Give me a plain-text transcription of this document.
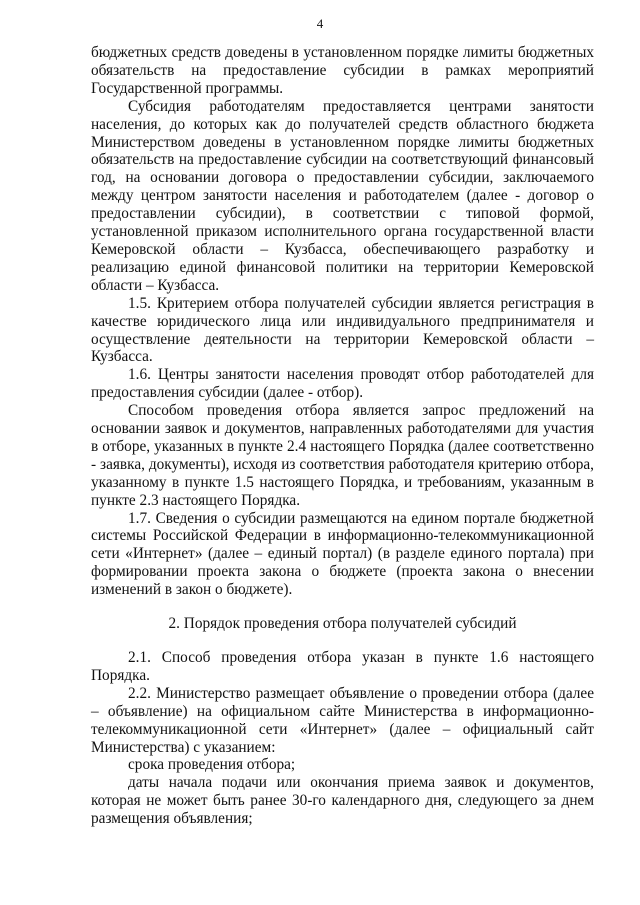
4

бюджетных средств доведены в установленном порядке лимиты бюджетных обязательств на предоставление субсидии в рамках мероприятий Государственной программы.

Субсидия работодателям предоставляется центрами занятости населения, до которых как до получателей средств областного бюджета Министерством доведены в установленном порядке лимиты бюджетных обязательств на предоставление субсидии на соответствующий финансовый год, на основании договора о предоставлении субсидии, заключаемого между центром занятости населения и работодателем (далее - договор о предоставлении субсидии), в соответствии с типовой формой, установленной приказом исполнительного органа государственной власти Кемеровской области – Кузбасса, обеспечивающего разработку и реализацию единой финансовой политики на территории Кемеровской области – Кузбасса.

1.5. Критерием отбора получателей субсидии является регистрация в качестве юридического лица или индивидуального предпринимателя и осуществление деятельности на территории Кемеровской области – Кузбасса.

1.6. Центры занятости населения проводят отбор работодателей для предоставления субсидии (далее - отбор).

Способом проведения отбора является запрос предложений на основании заявок и документов, направленных работодателями для участия в отборе, указанных в пункте 2.4 настоящего Порядка (далее соответственно - заявка, документы), исходя из соответствия работодателя критерию отбора, указанному в пункте 1.5 настоящего Порядка, и требованиям, указанным в пункте 2.3 настоящего Порядка.

1.7. Сведения о субсидии размещаются на едином портале бюджетной системы Российской Федерации в информационно-телекоммуникационной сети «Интернет» (далее – единый портал) (в разделе единого портала) при формировании проекта закона о бюджете (проекта закона о внесении изменений в закон о бюджете).

2. Порядок проведения отбора получателей субсидий

2.1. Способ проведения отбора указан в пункте 1.6 настоящего Порядка.

2.2. Министерство размещает объявление о проведении отбора (далее – объявление) на официальном сайте Министерства в информационно-телекоммуникационной сети «Интернет» (далее – официальный сайт Министерства) с указанием:

срока проведения отбора;

даты начала подачи или окончания приема заявок и документов, которая не может быть ранее 30-го календарного дня, следующего за днем размещения объявления;
